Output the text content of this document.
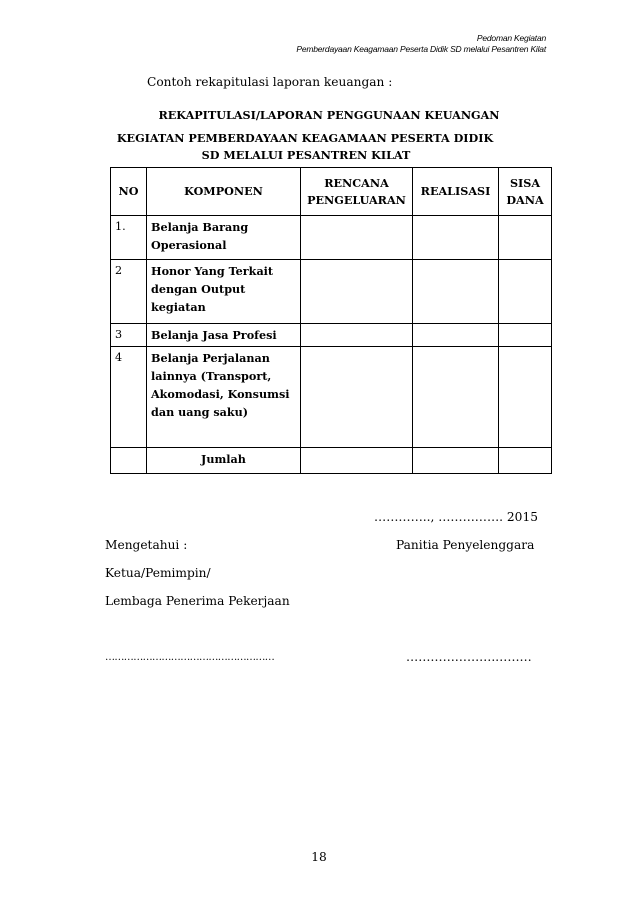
Pedoman Kegiatan
Pemberdayaan Keagamaan Peserta Didik SD melalui Pesantren Kilat
Contoh rekapitulasi laporan keuangan :
REKAPITULASI/LAPORAN PENGGUNAAN KEUANGAN
KEGIATAN PEMBERDAYAAN KEAGAMAAN PESERTA DIDIK
SD MELALUI PESANTREN KILAT
NO	KOMPONEN	RENCANA PENGELUARAN	REALISASI	SISA DANA
1.	Belanja Barang Operasional			
2	Honor Yang Terkait dengan Output kegiatan			
3	Belanja Jasa Profesi			
4	Belanja Perjalanan lainnya (Transport, Akomodasi, Konsumsi dan uang saku)			
	Jumlah			
………….., ……………. 2015
Mengetahui :	Panitia Penyelenggara
Ketua/Pemimpin/
Lembaga Penerima Pekerjaan
………………………………………………	………………….………
18
